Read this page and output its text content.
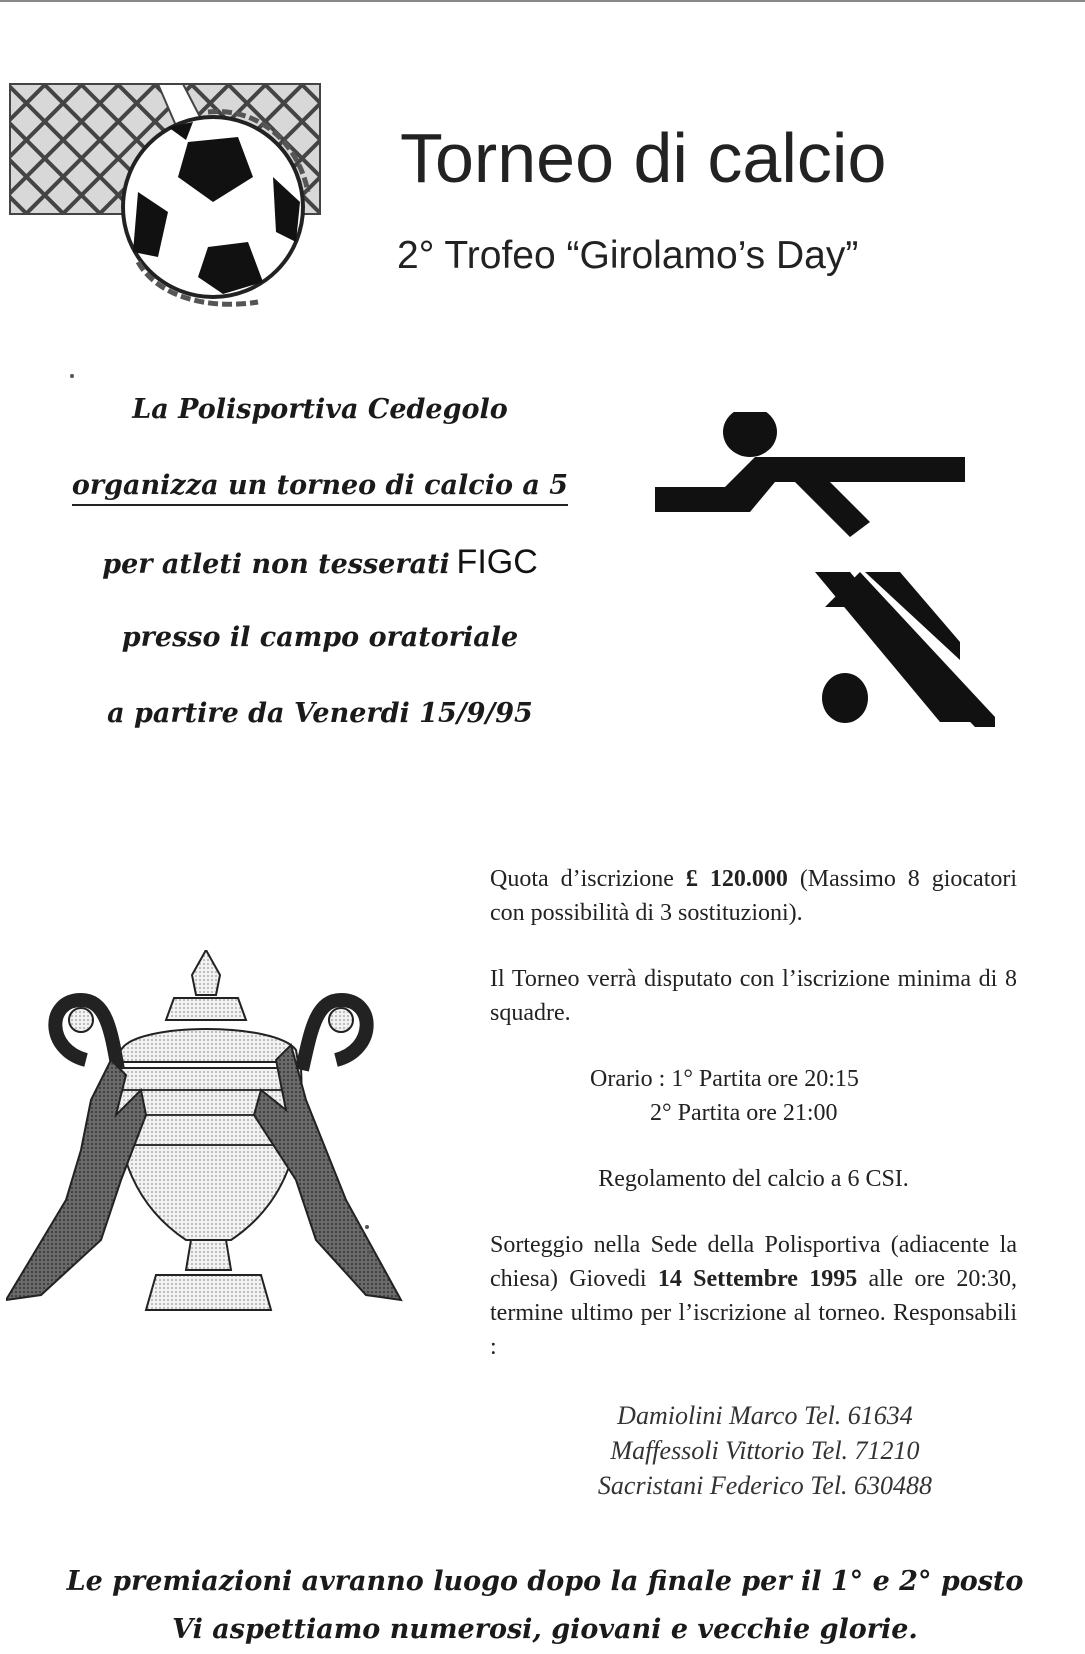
Torneo di calcio
2° Trofeo “Girolamo’s Day”
La Polisportiva Cedegolo
organizza un torneo di calcio a 5
per atleti non tesserati FIGC
presso il campo oratoriale
a partire da Venerdi 15/9/95

Quota d’iscrizione £ 120.000 (Massimo 8 giocatori con possibilità di 3 sostituzioni).

Il Torneo verrà disputato con l’iscrizione minima di 8 squadre.

Orario : 1° Partita ore 20:15
2° Partita ore 21:00
Regolamento del calcio a 6 CSI.
Sorteggio nella Sede della Polisportiva (adiacente la chiesa) Giovedi 14 Settembre 1995 alle ore 20:30, termine ultimo per l’iscrizione al torneo. Responsabili :
Damiolini Marco Tel. 61634
Maffessoli Vittorio Tel. 71210
Sacristani Federico Tel. 630488
Le premiazioni avranno luogo dopo la finale per il 1° e 2° posto
Vi aspettiamo numerosi, giovani e vecchie glorie.
